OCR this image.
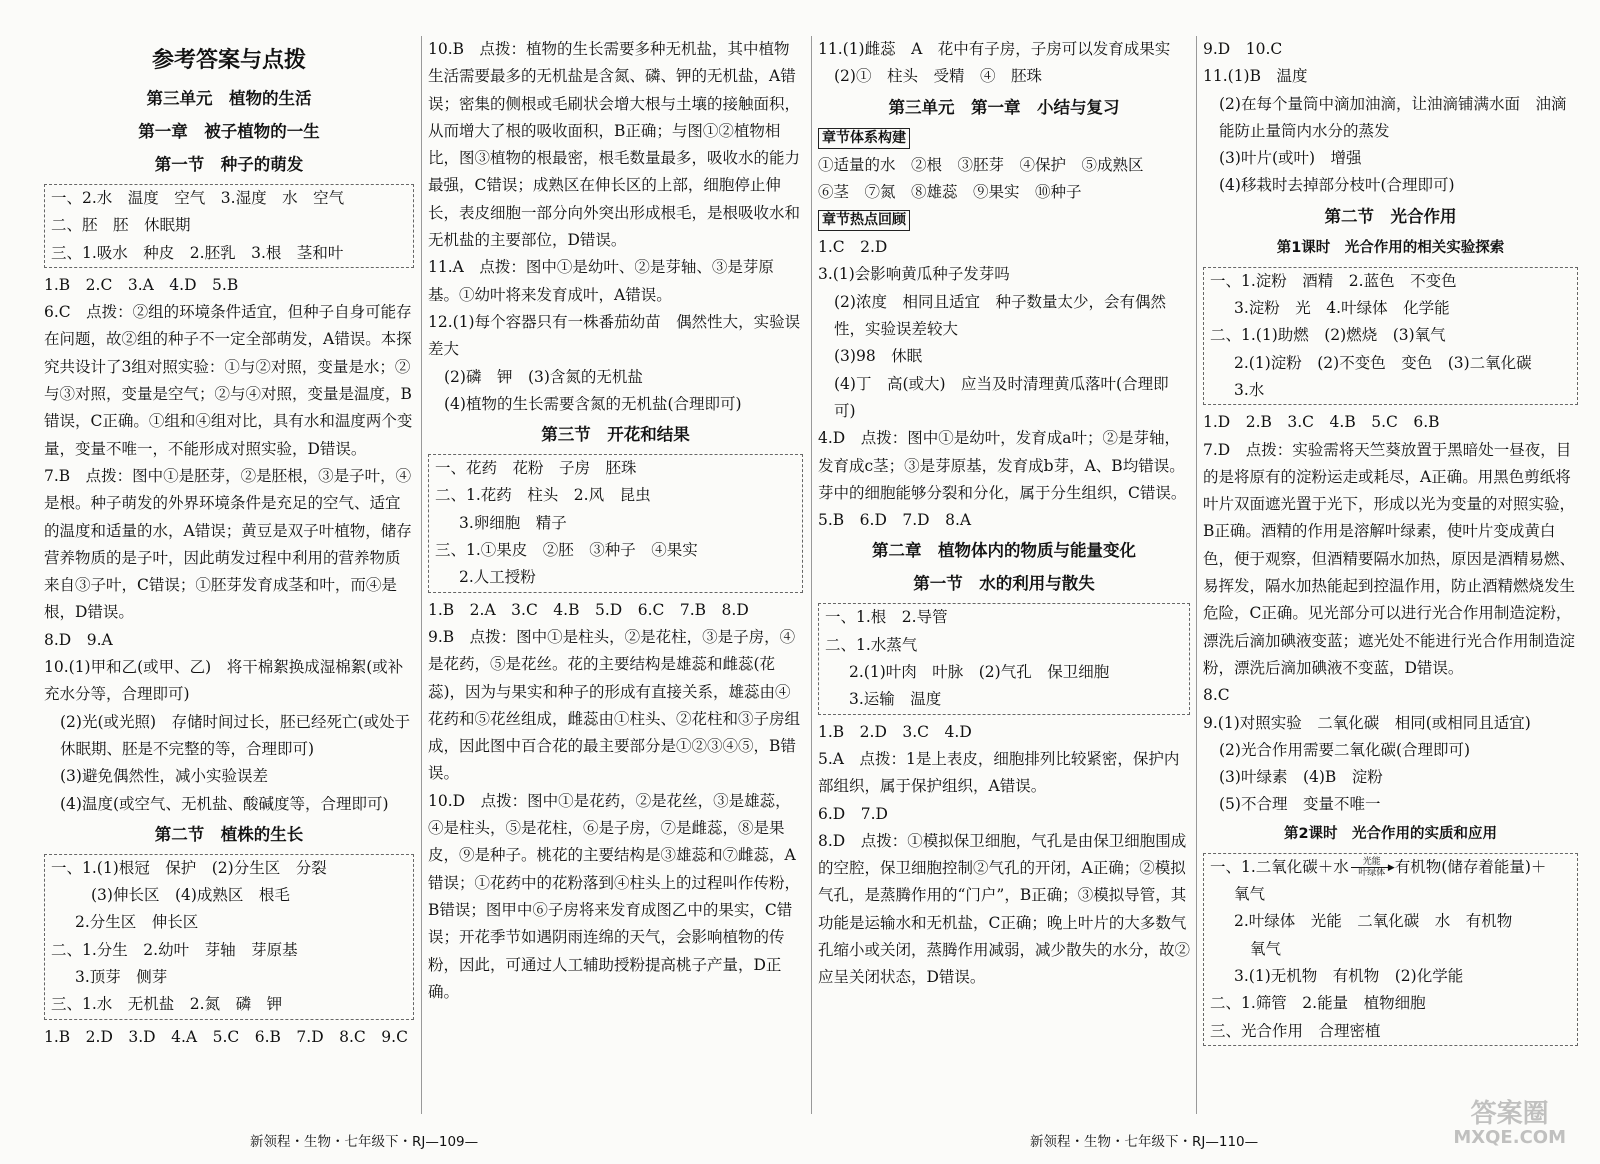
参考答案与点拨
第三单元　植物的生活
第一章　被子植物的一生
第一节　种子的萌发
一、2.水　温度　空气　3.湿度　水　空气
二、胚　胚　休眠期
三、1.吸水　种皮　2.胚乳　3.根　茎和叶
1.B　2.C　3.A　4.D　5.B
6.C　点拨：②组的环境条件适宜，但种子自身可能存在问题，故②组的种子不一定全部萌发，A错误。本探究共设计了3组对照实验：①与②对照，变量是水；②与③对照，变量是空气；②与④对照，变量是温度，B错误，C正确。①组和④组对比，具有水和温度两个变量，变量不唯一，不能形成对照实验，D错误。
7.B　点拨：图中①是胚芽，②是胚根，③是子叶，④是根。种子萌发的外界环境条件是充足的空气、适宜的温度和适量的水，A错误；黄豆是双子叶植物，储存营养物质的是子叶，因此萌发过程中利用的营养物质来自③子叶，C错误；①胚芽发育成茎和叶，而④是根，D错误。
8.D　9.A
10.(1)甲和乙(或甲、乙)　将干棉絮换成湿棉絮(或补充水分等，合理即可)
(2)光(或光照)　存储时间过长，胚已经死亡(或处于休眠期、胚是不完整的等，合理即可)
(3)避免偶然性，减小实验误差
(4)温度(或空气、无机盐、酸碱度等，合理即可)
第二节　植株的生长
一、1.(1)根冠　保护　(2)分生区　分裂
(3)伸长区　(4)成熟区　根毛
2.分生区　伸长区
二、1.分生　2.幼叶　芽轴　芽原基
3.顶芽　侧芽
三、1.水　无机盐　2.氮　磷　钾
1.B　2.D　3.D　4.A　5.C　6.B　7.D　8.C　9.C
10.B　点拨：植物的生长需要多种无机盐，其中植物生活需要最多的无机盐是含氮、磷、钾的无机盐，A错误；密集的侧根或毛刷状会增大根与土壤的接触面积，从而增大了根的吸收面积，B正确；与图①②植物相比，图③植物的根最密，根毛数量最多，吸收水的能力最强，C错误；成熟区在伸长区的上部，细胞停止伸长，表皮细胞一部分向外突出形成根毛，是根吸收水和无机盐的主要部位，D错误。
11.A　点拨：图中①是幼叶、②是芽轴、③是芽原基。①幼叶将来发育成叶，A错误。
12.(1)每个容器只有一株番茄幼苗　偶然性大，实验误差大
(2)磷　钾　(3)含氮的无机盐
(4)植物的生长需要含氮的无机盐(合理即可)
第三节　开花和结果
一、花药　花粉　子房　胚珠
二、1.花药　柱头　2.风　昆虫
3.卵细胞　精子
三、1.①果皮　②胚　③种子　④果实
2.人工授粉
1.B　2.A　3.C　4.B　5.D　6.C　7.B　8.D
9.B　点拨：图中①是柱头，②是花柱，③是子房，④是花药，⑤是花丝。花的主要结构是雄蕊和雌蕊(花蕊)，因为与果实和种子的形成有直接关系，雄蕊由④花药和⑤花丝组成，雌蕊由①柱头、②花柱和③子房组成，因此图中百合花的最主要部分是①②③④⑤，B错误。
10.D　点拨：图中①是花药，②是花丝，③是雄蕊，④是柱头，⑤是花柱，⑥是子房，⑦是雌蕊，⑧是果皮，⑨是种子。桃花的主要结构是③雄蕊和⑦雌蕊，A错误；①花药中的花粉落到④柱头上的过程叫作传粉，B错误；图甲中⑥子房将来发育成图乙中的果实，C错误；开花季节如遇阴雨连绵的天气，会影响植物的传粉，因此，可通过人工辅助授粉提高桃子产量，D正确。
11.(1)雌蕊　A　花中有子房，子房可以发育成果实
(2)①　柱头　受精　④　胚珠
第三单元　第一章　小结与复习
章节体系构建
①适量的水　②根　③胚芽　④保护　⑤成熟区
⑥茎　⑦氮　⑧雄蕊　⑨果实　⑩种子
章节热点回顾
1.C　2.D
3.(1)会影响黄瓜种子发芽吗
(2)浓度　相同且适宜　种子数量太少，会有偶然性，实验误差较大
(3)98　休眠
(4)丁　高(或大)　应当及时清理黄瓜落叶(合理即可)
4.D　点拨：图中①是幼叶，发育成a叶；②是芽轴，发育成c茎；③是芽原基，发育成b芽，A、B均错误。芽中的细胞能够分裂和分化，属于分生组织，C错误。
5.B　6.D　7.D　8.A
第二章　植物体内的物质与能量变化
第一节　水的利用与散失
一、1.根　2.导管
二、1.水蒸气
2.(1)叶肉　叶脉　(2)气孔　保卫细胞
3.运输　温度
1.B　2.D　3.C　4.D
5.A　点拨：1是上表皮，细胞排列比较紧密，保护内部组织，属于保护组织，A错误。
6.D　7.D
8.D　点拨：①模拟保卫细胞，气孔是由保卫细胞围成的空腔，保卫细胞控制②气孔的开闭，A正确；②模拟气孔，是蒸腾作用的“门户”，B正确；③模拟导管，其功能是运输水和无机盐，C正确；晚上叶片的大多数气孔缩小或关闭，蒸腾作用减弱，减少散失的水分，故②应呈关闭状态，D错误。
9.D　10.C
11.(1)B　温度
(2)在每个量筒中滴加油滴，让油滴铺满水面　油滴能防止量筒内水分的蒸发
(3)叶片(或叶)　增强
(4)移栽时去掉部分枝叶(合理即可)
第二节　光合作用
第1课时　光合作用的相关实验探索
一、1.淀粉　酒精　2.蓝色　不变色
3.淀粉　光　4.叶绿体　化学能
二、1.(1)助燃　(2)燃烧　(3)氧气
2.(1)淀粉　(2)不变色　变色　(3)二氧化碳
3.水
1.D　2.B　3.C　4.B　5.C　6.B
7.D　点拨：实验需将天竺葵放置于黑暗处一昼夜，目的是将原有的淀粉运走或耗尽，A正确。用黑色剪纸将叶片双面遮光置于光下，形成以光为变量的对照实验，B正确。酒精的作用是溶解叶绿素，使叶片变成黄白色，便于观察，但酒精要隔水加热，原因是酒精易燃、易挥发，隔水加热能起到控温作用，防止酒精燃烧发生危险，C正确。见光部分可以进行光合作用制造淀粉，漂洗后滴加碘液变蓝；遮光处不能进行光合作用制造淀粉，漂洗后滴加碘液不变蓝，D错误。
8.C
9.(1)对照实验　二氧化碳　相同(或相同且适宜)
(2)光合作用需要二氧化碳(合理即可)
(3)叶绿素　(4)B　淀粉
(5)不合理　变量不唯一
第2课时　光合作用的实质和应用
一、1.二氧化碳＋水 光能
▶
叶绿体 有机物(储存着能量)＋
氧气
2.叶绿体　光能　二氧化碳　水　有机物
氧气
3.(1)无机物　有机物　(2)化学能
二、1.筛管　2.能量　植物细胞
三、光合作用　合理密植
新领程・生物・七年级下・RJ—109—	新领程・生物・七年级下・RJ—110—
答案圈
MXQE.COM
